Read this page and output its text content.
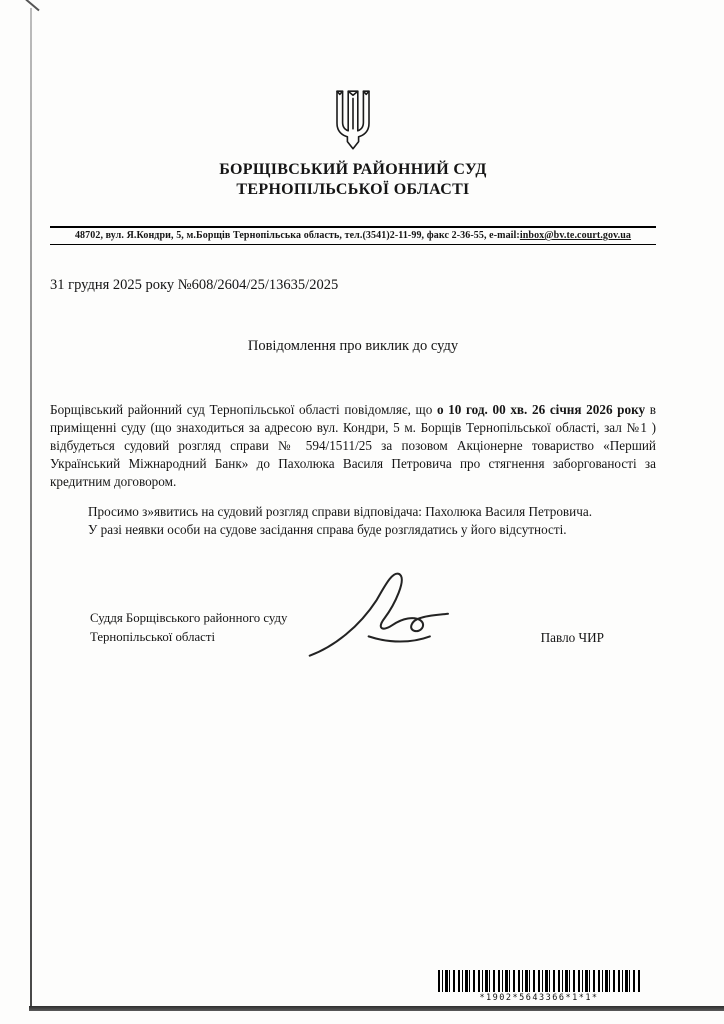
БОРЩІВСЬКИЙ РАЙОННИЙ СУД
ТЕРНОПІЛЬСЬКОЇ ОБЛАСТІ
48702, вул. Я.Кондри, 5, м.Борщів Тернопільська область, тел.(3541)2-11-99, факс 2-36-55, e-mail:inbox@bv.te.court.gov.ua
31 грудня 2025 року №608/2604/25/13635/2025
Повідомлення про виклик до суду

Борщівський районний суд Тернопільської області повідомляє, що о 10 год. 00 хв. 26 січня 2026 року в приміщенні суду (що знаходиться за адресою вул. Кондри, 5 м. Борщів Тернопільської області, зал №1 ) відбудеться судовий розгляд справи № 594/1511/25 за позовом Акціонерне товариство «Перший Український Міжнародний Банк» до Пахолюка Василя Петровича про стягнення заборгованості за кредитним договором.

Просимо з»явитись на судовий розгляд справи відповідача: Пахолюка Василя Петровича.

У разі неявки особи на судове засідання справа буде розглядатись у його відсутності.

Суддя Борщівського районного суду
Тернопільської області	Павло ЧИР
*1902*5643366*1*1*
